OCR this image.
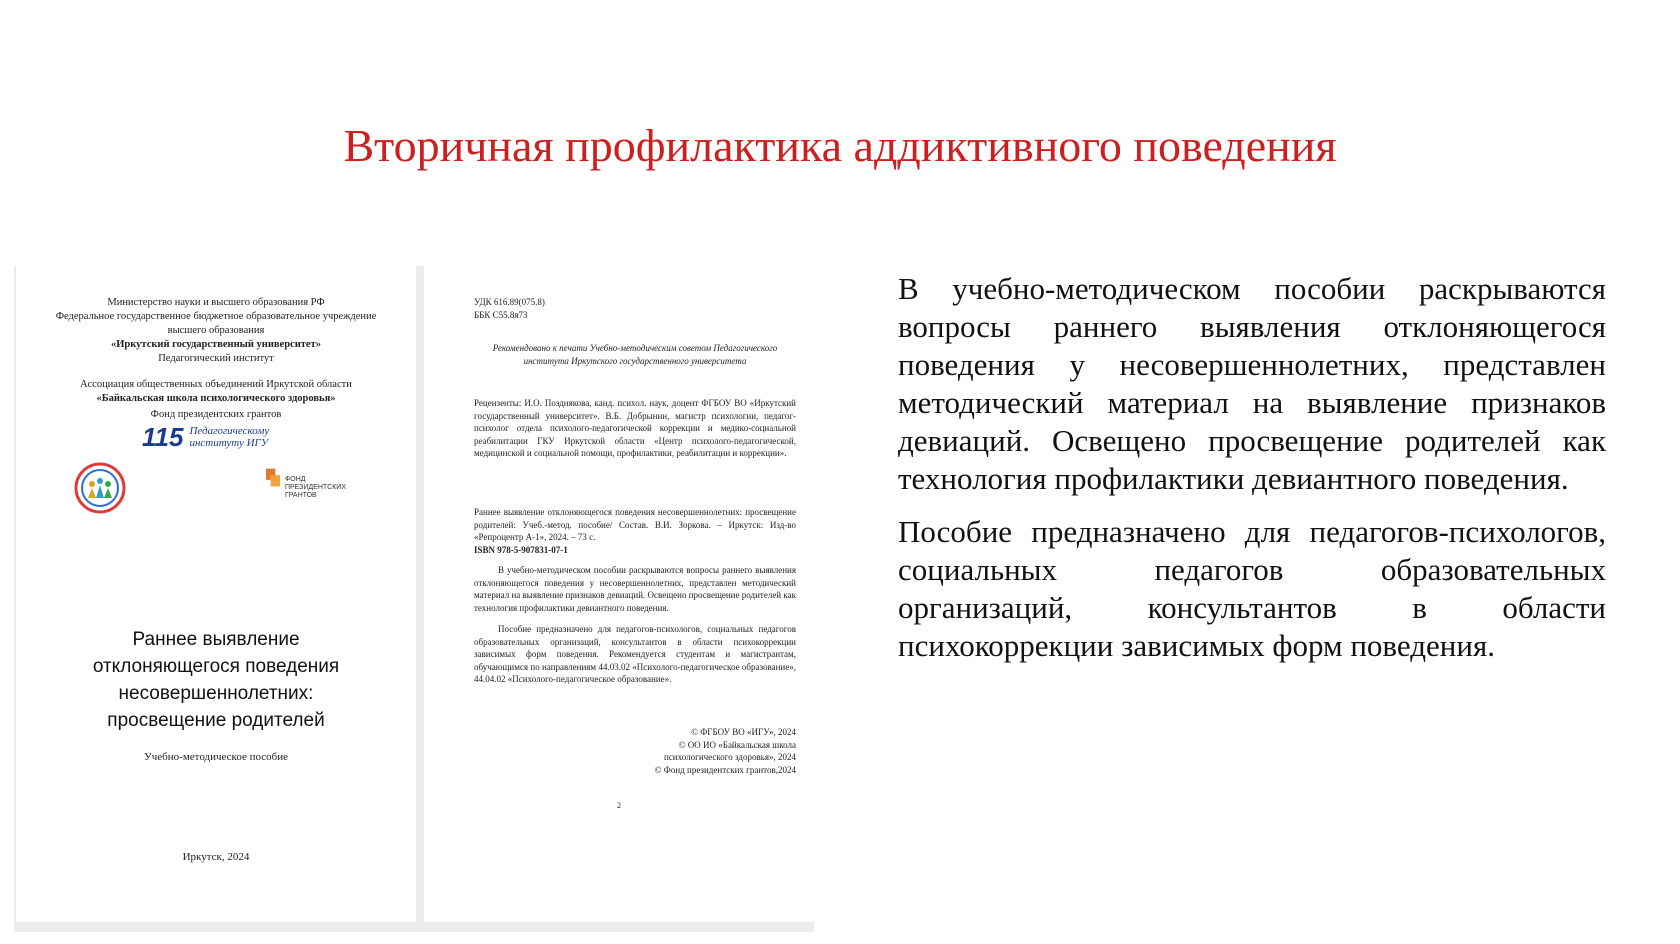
Вторичная профилактика аддиктивного поведения

Министерство науки и высшего образования РФ

Федеральное государственное бюджетное образовательное учреждение

высшего образования

«Иркутский государственный университет»

Педагогический институт

Ассоциация общественных объединений Иркутской области

«Байкальская школа психологического здоровья»

Фонд президентских грантов
115 Педагогическому
институту ИГУ
ФОНД
ПРЕЗИДЕНТСКИХ
ГРАНТОВ

Раннее выявление

отклоняющегося поведения

несовершеннолетних:

просвещение родителей

Учебно-методическое пособие
Иркутск, 2024

УДК 616.89(075.8)

ББК С55.8я73

Рекомендовано к печати Учебно-методическим советом Педагогического института Иркутского государственного университета

Рецензенты: И.О. Позднякова, канд. психол. наук, доцент ФГБОУ ВО «Иркутский государственный университет». В.Б. Добрынин, магистр психологии, педагог-психолог отдела психолого-педагогической коррекции и медико-социальной реабилитации ГКУ Иркутской области «Центр психолого-педагогической, медицинской и социальной помощи, профилактики, реабилитации и коррекции».

Раннее выявление отклоняющегося поведения несовершеннолетних: просвещение родителей: Учеб.-метод. пособие/ Состав. В.И. Зоркова. – Иркутск: Изд-во «Репроцентр А-1», 2024. – 73 с.

ISBN 978-5-907831-07-1

В учебно-методическом пособии раскрываются вопросы раннего выявления отклоняющегося поведения у несовершеннолетних, представлен методический материал на выявление признаков девиаций. Освещено просвещение родителей как технология профилактики девиантного поведения.

Пособие предназначено для педагогов-психологов, социальных педагогов образовательных организаций, консультантов в области психокоррекции зависимых форм поведения. Рекомендуется студентам и магистрантам, обучающимся по направлениям 44.03.02 «Психолого-педагогическое образование», 44.04.02 «Психолого-педагогическое образование».

© ФГБОУ ВО «ИГУ», 2024
© ОО ИО «Байкальская школа
психологического здоровья», 2024
© Фонд президентских грантов,2024
2

В учебно-методическом пособии раскрываются вопросы раннего выявления отклоняющегося поведения у несовершеннолетних, представлен методический материал на выявление признаков девиаций. Освещено просвещение родителей как технология профилактики девиантного поведения.

Пособие предназначено для педагогов-психологов, социальных педагогов образовательных организаций, консультантов в области психокоррекции зависимых форм поведения.
